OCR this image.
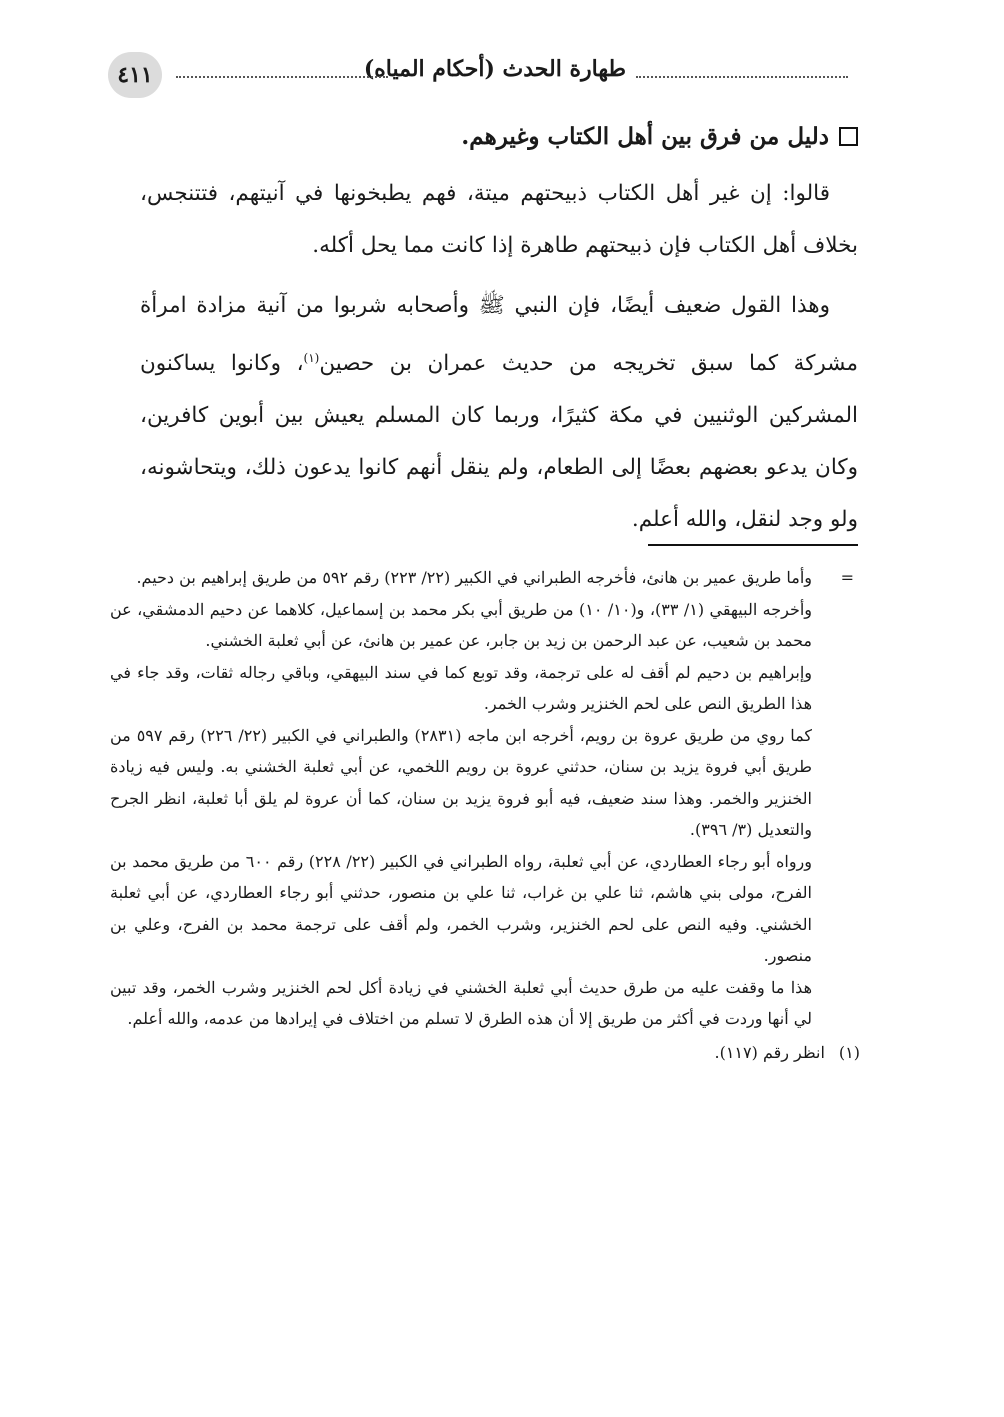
طهارة الحدث (أحكام المياه)
٤١١

دليل من فرق بين أهل الكتاب وغيرهم.

قالوا: إن غير أهل الكتاب ذبيحتهم ميتة، فهم يطبخونها في آنيتهم، فتتنجس، بخلاف أهل الكتاب فإن ذبيحتهم طاهرة إذا كانت مما يحل أكله.

وهذا القول ضعيف أيضًا، فإن النبي ﷺ وأصحابه شربوا من آنية مزادة امرأة مشركة كما سبق تخريجه من حديث عمران بن حصين$^{(١)}$، وكانوا يساكنون المشركين الوثنيين في مكة كثيرًا، وربما كان المسلم يعيش بين أبوين كافرين، وكان يدعو بعضهم بعضًا إلى الطعام، ولم ينقل أنهم كانوا يدعون ذلك، ويتحاشونه، ولو وجد لنقل، والله أعلم.

=
وأما طريق عمير بن هانئ، فأخرجه الطبراني في الكبير (٢٢/ ٢٢٣) رقم ٥٩٢ من طريق إبراهيم بن دحيم.

وأخرجه البيهقي (١/ ٣٣)، و(١٠/ ١٠) من طريق أبي بكر محمد بن إسماعيل، كلاهما عن دحيم الدمشقي، عن محمد بن شعيب، عن عبد الرحمن بن زيد بن جابر، عن عمير بن هانئ، عن أبي ثعلبة الخشني.

وإبراهيم بن دحيم لم أقف له على ترجمة، وقد توبع كما في سند البيهقي، وباقي رجاله ثقات، وقد جاء في هذا الطريق النص على لحم الخنزير وشرب الخمر.

كما روي من طريق عروة بن رويم، أخرجه ابن ماجه (٢٨٣١) والطبراني في الكبير (٢٢/ ٢٢٦) رقم ٥٩٧ من طريق أبي فروة يزيد بن سنان، حدثني عروة بن رويم اللخمي، عن أبي ثعلبة الخشني به. وليس فيه زيادة الخنزير والخمر. وهذا سند ضعيف، فيه أبو فروة يزيد بن سنان، كما أن عروة لم يلق أبا ثعلبة، انظر الجرح والتعديل (٣/ ٣٩٦).

ورواه أبو رجاء العطاردي، عن أبي ثعلبة، رواه الطبراني في الكبير (٢٢/ ٢٢٨) رقم ٦٠٠ من طريق محمد بن الفرح، مولى بني هاشم، ثنا علي بن غراب، ثنا علي بن منصور، حدثني أبو رجاء العطاردي، عن أبي ثعلبة الخشني. وفيه النص على لحم الخنزير، وشرب الخمر، ولم أقف على ترجمة محمد بن الفرح، وعلي بن منصور.

هذا ما وقفت عليه من طرق حديث أبي ثعلبة الخشني في زيادة أكل لحم الخنزير وشرب الخمر، وقد تبين لي أنها وردت في أكثر من طريق إلا أن هذه الطرق لا تسلم من اختلاف في إيرادها من عدمه، والله أعلم.

(١)انظر رقم (١١٧).
